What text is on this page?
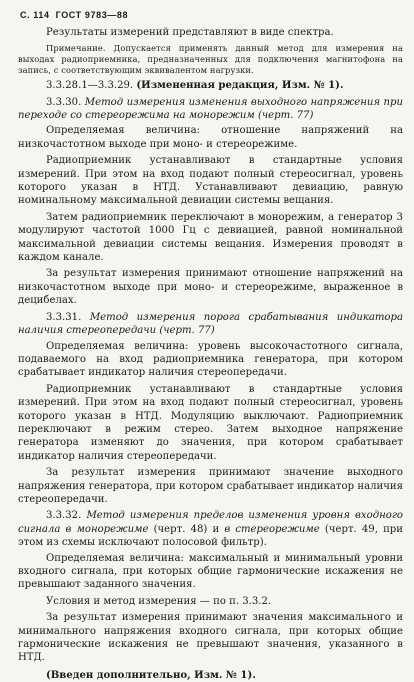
С. 114 ГОСТ 9783—88

Результаты измерений представляют в виде спектра.

Примечание. Допускается применять данный метод для измерения на выходах радиоприемника, предназначенных для подключения магнитофона на запись, с соответствующим эквивалентом нагрузки.

3.3.28.1—3.3.29. (Измененная редакция, Изм. № 1).

3.3.30. Метод измерения изменения выходного напряжения при переходе со стереорежима на монорежим (черт. 77)

Определяемая величина: отношение напряжений на низкочастотном выходе при моно- и стереорежиме.

Радиоприемник устанавливают в стандартные условия измерений. При этом на вход подают полный стереосигнал, уровень которого указан в НТД. Устанавливают девиацию, равную номинальному максимальной девиации системы вещания.

Затем радиоприемник переключают в монорежим, а генератор 3 модулируют частотой 1000 Гц с девиацией, равной номинальной максимальной девиации системы вещания. Измерения проводят в каждом канале.

За результат измерения принимают отношение напряжений на низкочастотном выходе при моно- и стереорежиме, выраженное в децибелах.

3.3.31. Метод измерения порога срабатывания индикатора наличия стереопередачи (черт. 77)

Определяемая величина: уровень высокочастотного сигнала, подаваемого на вход радиоприемника генератора, при котором срабатывает индикатор наличия стереопередачи.

Радиоприемник устанавливают в стандартные условия измерений. При этом на вход подают полный стереосигнал, уровень которого указан в НТД. Модуляцию выключают. Радиоприемник переключают в режим стерео. Затем выходное напряжение генератора изменяют до значения, при котором срабатывает индикатор наличия стереопередачи.

За результат измерения принимают значение выходного напряжения генератора, при котором срабатывает индикатор наличия стереопередачи.

3.3.32. Метод измерения пределов изменения уровня входного сигнала в монорежиме (черт. 48) и в стереорежиме (черт. 49, при этом из схемы исключают полосовой фильтр).

Определяемая величина: максимальный и минимальный уровни входного сигнала, при которых общие гармонические искажения не превышают заданного значения.

Условия и метод измерения — по п. 3.3.2.

За результат измерения принимают значения максимального и минимального напряжения входного сигнала, при которых общие гармонические искажения не превышают значения, указанного в НТД.

(Введен дополнительно, Изм. № 1).
